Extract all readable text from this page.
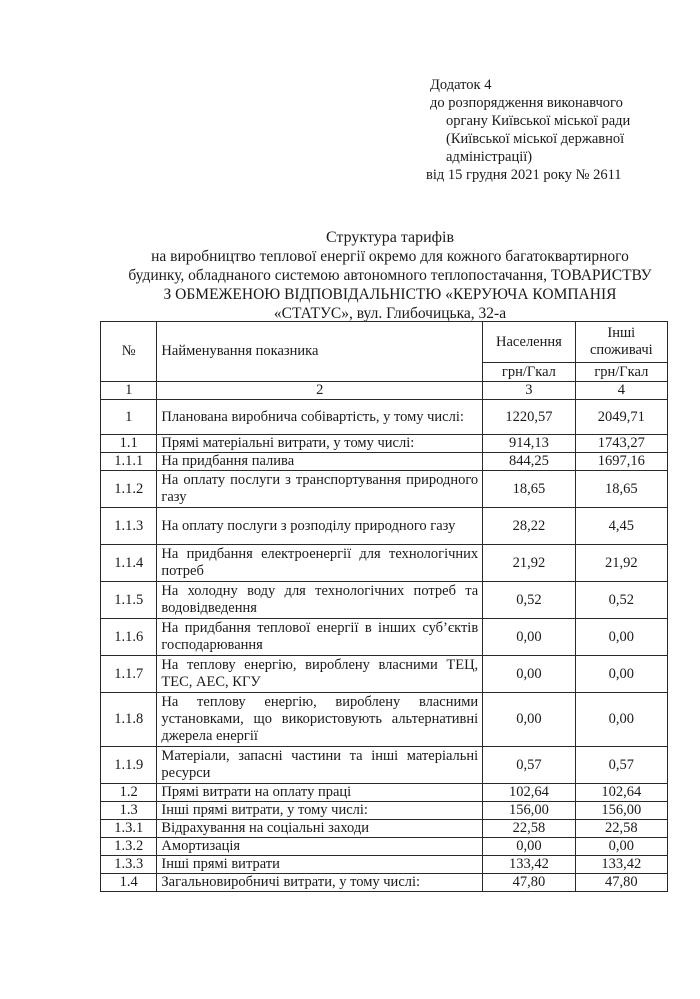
Додаток 4
до розпорядження виконавчого
органу Київської міської ради
(Київської міської державної
адміністрації)
від 15 грудня 2021 року № 2611
Структура тарифів
на виробництво теплової енергії окремо для кожного багатоквартирного
будинку, обладнаного системою автономного теплопостачання, ТОВАРИСТВУ
З ОБМЕЖЕНОЮ ВІДПОВІДАЛЬНІСТЮ «КЕРУЮЧА КОМПАНІЯ
«СТАТУС», вул. Глибочицька, 32-а
№	Найменування показника	Населення	Інші споживачі
		грн/Гкал	грн/Гкал
1	2	3	4
1	Планована виробнича собівартість, у тому числі:	1220,57	2049,71
1.1	Прямі матеріальні витрати, у тому числі:	914,13	1743,27
1.1.1	На придбання палива	844,25	1697,16
1.1.2	На оплату послуги з транспортування природного газу	18,65	18,65
1.1.3	На оплату послуги з розподілу природного газу	28,22	4,45
1.1.4	На придбання електроенергії для технологічних потреб	21,92	21,92
1.1.5	На холодну воду для технологічних потреб та водовідведення	0,52	0,52
1.1.6	На придбання теплової енергії в інших суб’єктів господарювання	0,00	0,00
1.1.7	На теплову енергію, вироблену власними ТЕЦ, ТЕС, АЕС, КГУ	0,00	0,00
1.1.8	На теплову енергію, вироблену власними установками, що використовують альтернативні джерела енергії	0,00	0,00
1.1.9	Матеріали, запасні частини та інші матеріальні ресурси	0,57	0,57
1.2	Прямі витрати на оплату праці	102,64	102,64
1.3	Інші прямі витрати, у тому числі:	156,00	156,00
1.3.1	Відрахування на соціальні заходи	22,58	22,58
1.3.2	Амортизація	0,00	0,00
1.3.3	Інші прямі витрати	133,42	133,42
1.4	Загальновиробничі витрати, у тому числі:	47,80	47,80
